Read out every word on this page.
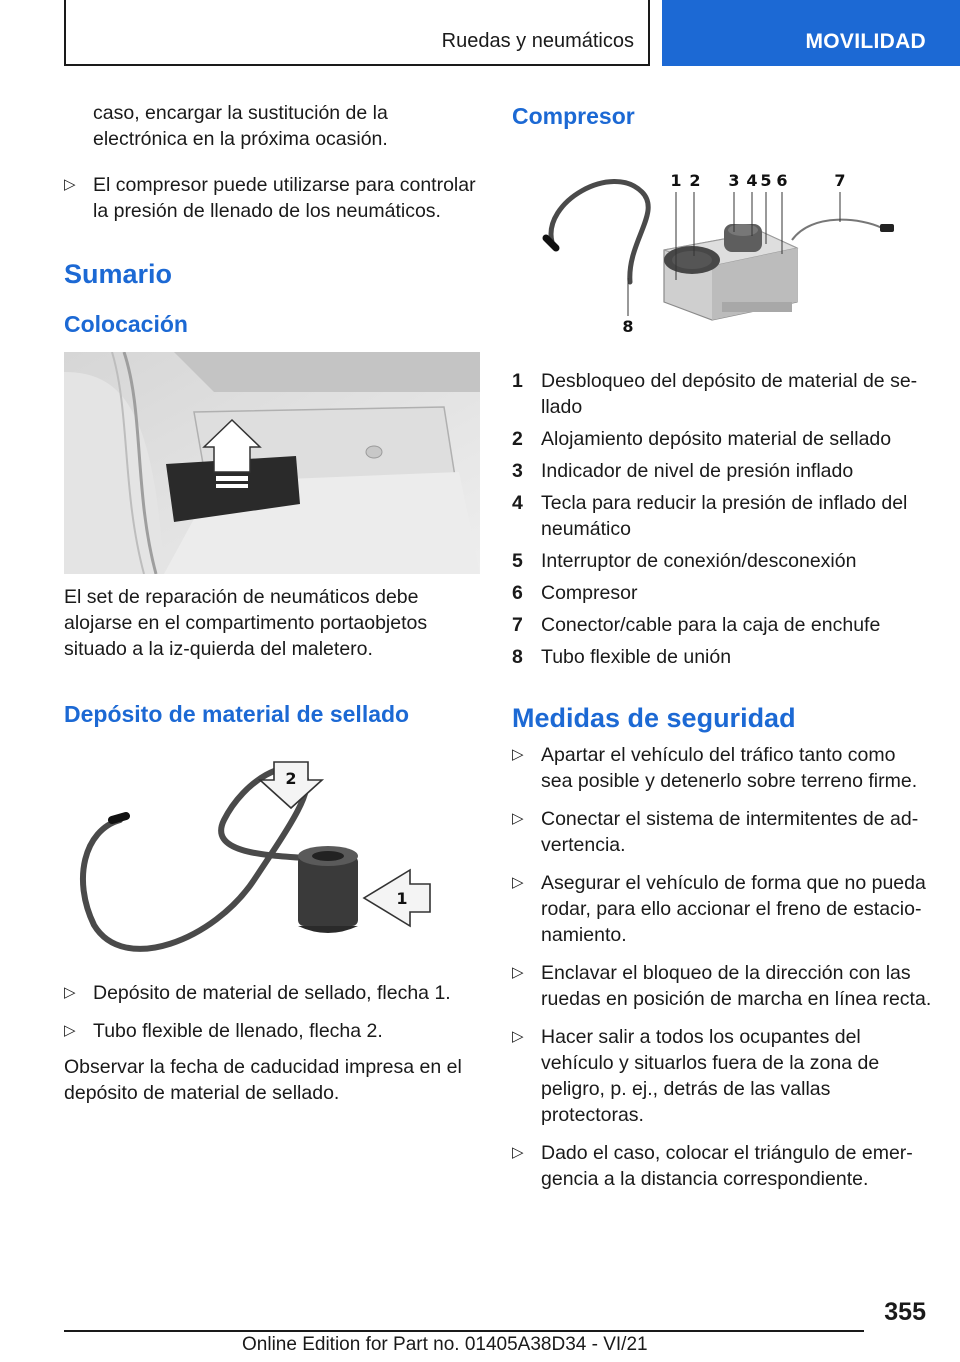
Ruedas y neumáticos	MOVILIDAD

caso, encargar la sustitución de la electrónica en la próxima ocasión.

▷ El compresor puede utilizarse para controlar la presión de llenado de los neumáticos.
Sumario
Colocación

El set de reparación de neumáticos debe alojarse en el compartimento portaobjetos situado a la iz-quierda del maletero.

Depósito de material de sellado
2
1
▷ Depósito de material de sellado, flecha 1.
▷ Tubo flexible de llenado, flecha 2.

Observar la fecha de caducidad impresa en el depósito de material de sellado.

Compresor
1 2 3 4 5 6	7
8
1 Desbloqueo del depósito de material de se-llado
2 Alojamiento depósito material de sellado
3 Indicador de nivel de presión inflado
4 Tecla para reducir la presión de inflado del neumático
5 Interruptor de conexión/desconexión
6 Compresor
7 Conector/cable para la caja de enchufe
8 Tubo flexible de unión
Medidas de seguridad
▷ Apartar el vehículo del tráfico tanto como sea posible y detenerlo sobre terreno firme.
▷ Conectar el sistema de intermitentes de ad-vertencia.
▷ Asegurar el vehículo de forma que no pueda rodar, para ello accionar el freno de estacio-namiento.
▷ Enclavar el bloqueo de la dirección con las ruedas en posición de marcha en línea recta.
▷ Hacer salir a todos los ocupantes del vehículo y situarlos fuera de la zona de peligro, p. ej., detrás de las vallas protectoras.
▷ Dado el caso, colocar el triángulo de emer-gencia a la distancia correspondiente.
355
Online Edition for Part no. 01405A38D34 - VI/21
